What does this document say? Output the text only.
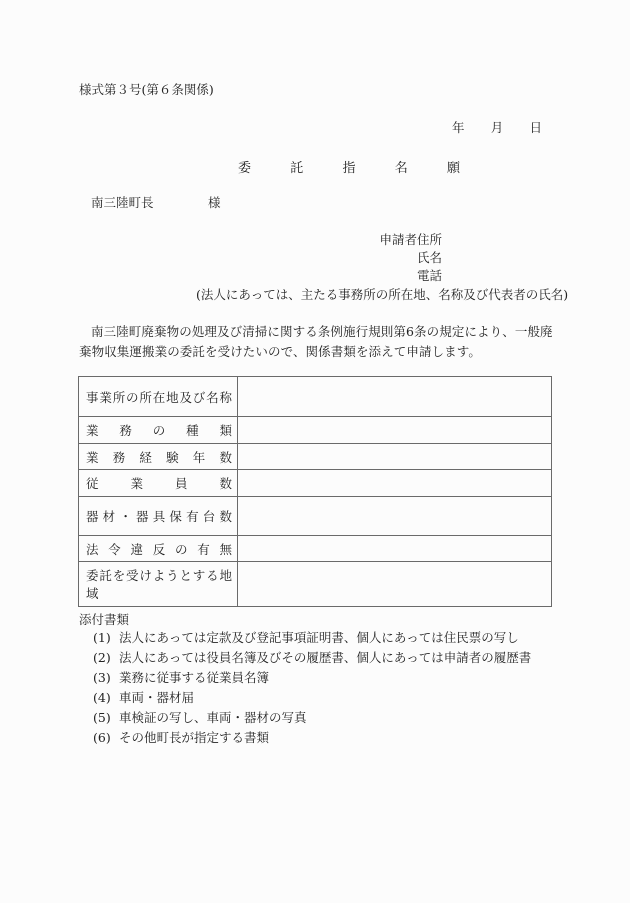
様式第３号(第６条関係)
年 月 日
委	託	指	名	願
南三陸町長	様
申請者住所
氏名
電話
(法人にあっては、主たる事務所の所在地、名称及び代表者の氏名)
南三陸町廃棄物の処理及び清掃に関する条例施行規則第6条の規定により、一般廃棄物収集運搬業の委託を受けたいので、関係書類を添えて申請します。
事業所の所在地及び名称	
業務の種類	
業務経験年数	
従業員数	
器材・器具保有台数	
法令違反の有無	
委託を受けようとする地域	
添付書類
(1) 法人にあっては定款及び登記事項証明書、個人にあっては住民票の写し
(2) 法人にあっては役員名簿及びその履歴書、個人にあっては申請者の履歴書
(3) 業務に従事する従業員名簿
(4) 車両・器材届
(5) 車検証の写し、車両・器材の写真
(6) その他町長が指定する書類
